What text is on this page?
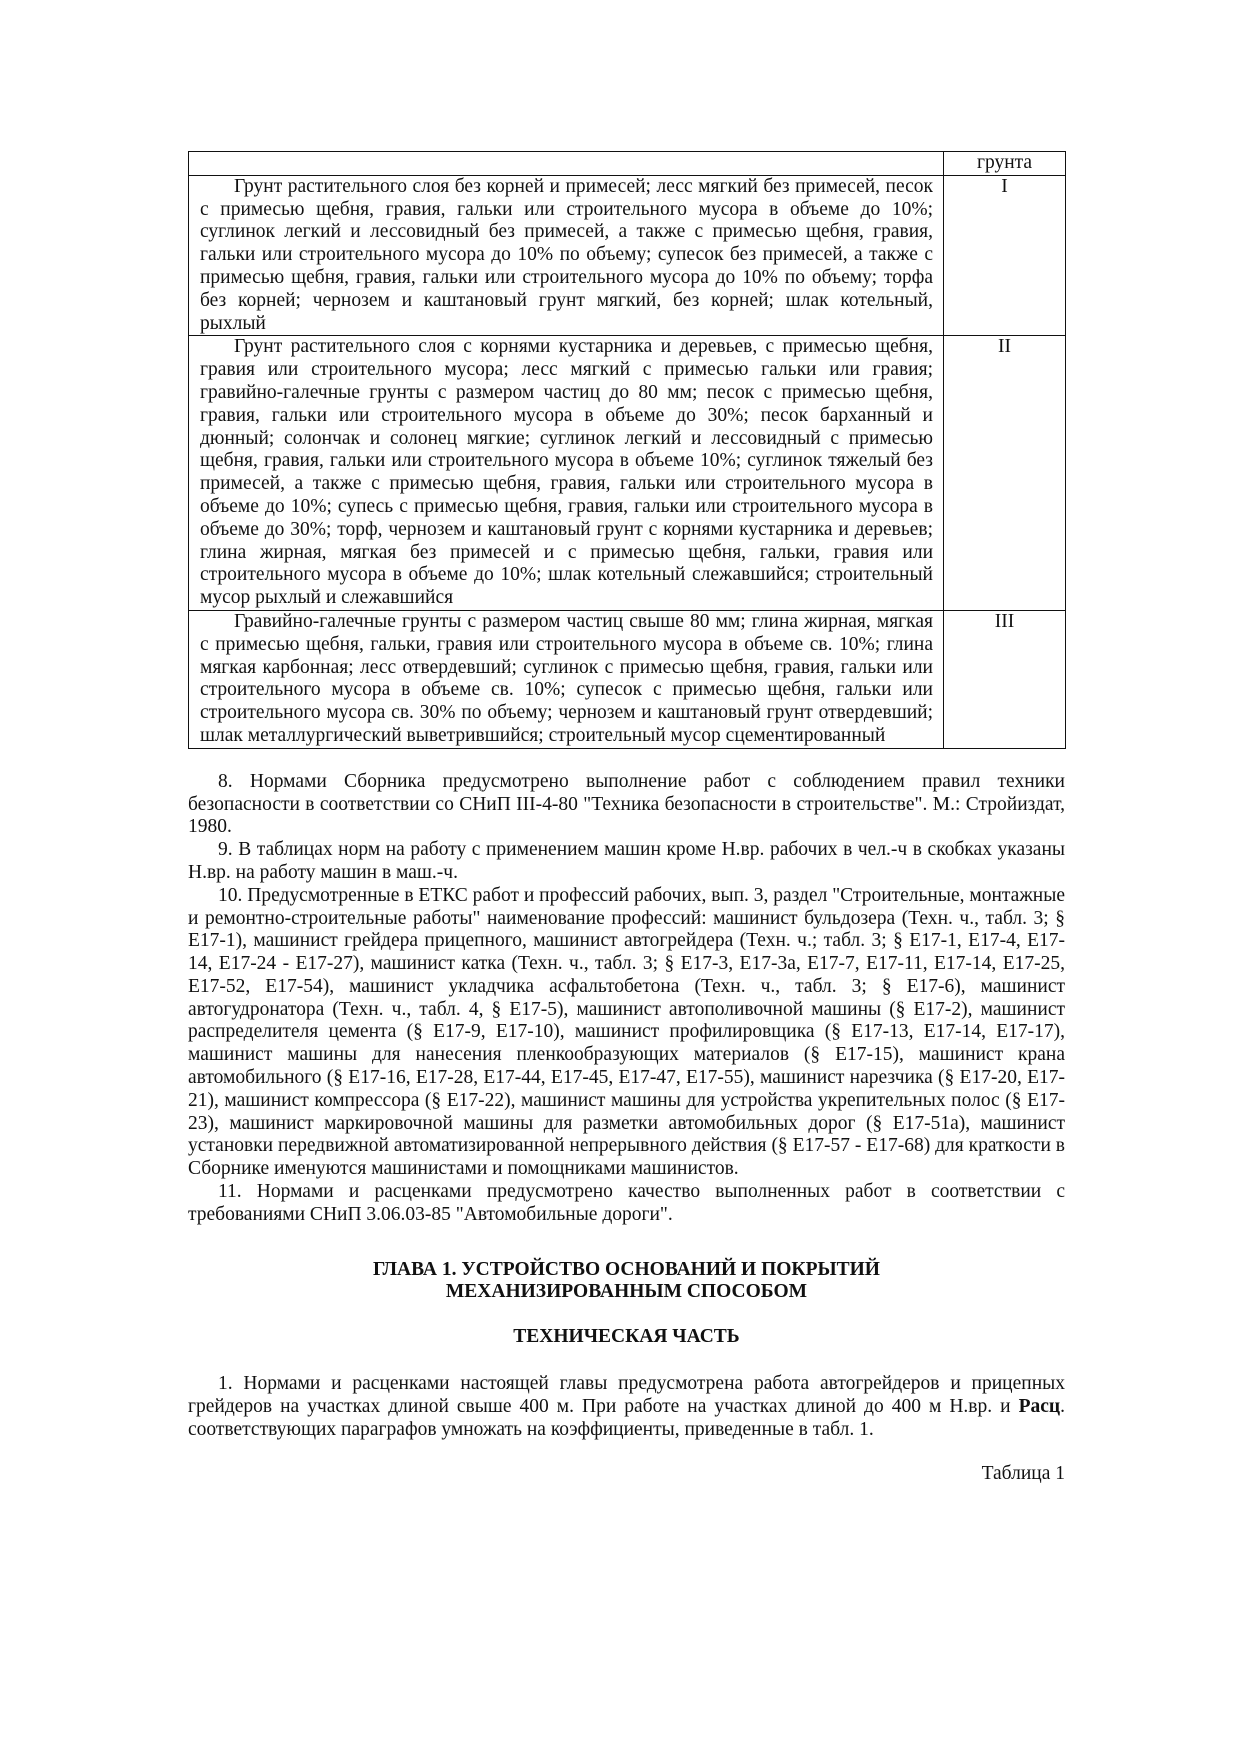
	грунта
Грунт растительного слоя без корней и примесей; лесс мягкий без примесей, песок с примесью щебня, гравия, гальки или строительного мусора в объеме до 10%; суглинок легкий и лессовидный без примесей, а также с примесью щебня, гравия, гальки или строительного мусора до 10% по объему; супесок без примесей, а также с примесью щебня, гравия, гальки или строительного мусора до 10% по объему; торфа без корней; чернозем и каштановый грунт мягкий, без корней; шлак котельный, рыхлый	I
Грунт растительного слоя с корнями кустарника и деревьев, с примесью щебня, гравия или строительного мусора; лесс мягкий с примесью гальки или гравия; гравийно-галечные грунты с размером частиц до 80 мм; песок с примесью щебня, гравия, гальки или строительного мусора в объеме до 30%; песок барханный и дюнный; солончак и солонец мягкие; суглинок легкий и лессовидный с примесью щебня, гравия, гальки или строительного мусора в объеме 10%; суглинок тяжелый без примесей, а также с примесью щебня, гравия, гальки или строительного мусора в объеме до 10%; супесь с примесью щебня, гравия, гальки или строительного мусора в объеме до 30%; торф, чернозем и каштановый грунт с корнями кустарника и деревьев; глина жирная, мягкая без примесей и с примесью щебня, гальки, гравия или строительного мусора в объеме до 10%; шлак котельный слежавшийся; строительный мусор рыхлый и слежавшийся	II
Гравийно-галечные грунты с размером частиц свыше 80 мм; глина жирная, мягкая с примесью щебня, гальки, гравия или строительного мусора в объеме св. 10%; глина мягкая карбонная; лесс отвердевший; суглинок с примесью щебня, гравия, гальки или строительного мусора в объеме св. 10%; супесок с примесью щебня, гальки или строительного мусора св. 30% по объему; чернозем и каштановый грунт отвердевший; шлак металлургический выветрившийся; строительный мусор сцементированный	III

8. Нормами Сборника предусмотрено выполнение работ с соблюдением правил техники безопасности в соответствии со СНиП III-4-80 "Техника безопасности в строительстве". М.: Стройиздат, 1980.

9. В таблицах норм на работу с применением машин кроме Н.вр. рабочих в чел.-ч в скобках указаны Н.вр. на работу машин в маш.-ч.

10. Предусмотренные в ЕТКС работ и профессий рабочих, вып. 3, раздел "Строительные, монтажные и ремонтно-строительные работы" наименование профессий: машинист бульдозера (Техн. ч., табл. 3; § Е17-1), машинист грейдера прицепного, машинист автогрейдера (Техн. ч.; табл. 3; § Е17-1, Е17-4, Е17-14, Е17-24 - Е17-27), машинист катка (Техн. ч., табл. 3; § Е17-3, Е17-3а, Е17-7, Е17-11, Е17-14, Е17-25, Е17-52, Е17-54), машинист укладчика асфальтобетона (Техн. ч., табл. 3; § Е17-6), машинист автогудронатора (Техн. ч., табл. 4, § Е17-5), машинист автополивочной машины (§ Е17-2), машинист распределителя цемента (§ Е17-9, Е17-10), машинист профилировщика (§ Е17-13, Е17-14, Е17-17), машинист машины для нанесения пленкообразующих материалов (§ Е17-15), машинист крана автомобильного (§ Е17-16, Е17-28, Е17-44, Е17-45, Е17-47, Е17-55), машинист нарезчика (§ Е17-20, Е17-21), машинист компрессора (§ Е17-22), машинист машины для устройства укрепительных полос (§ Е17-23), машинист маркировочной машины для разметки автомобильных дорог (§ Е17-51а), машинист установки передвижной автоматизированной непрерывного действия (§ Е17-57 - Е17-68) для краткости в Сборнике именуются машинистами и помощниками машинистов.

11. Нормами и расценками предусмотрено качество выполненных работ в соответствии с требованиями СНиП 3.06.03-85 "Автомобильные дороги".

ГЛАВА 1. УСТРОЙСТВО ОСНОВАНИЙ И ПОКРЫТИЙ
МЕХАНИЗИРОВАННЫМ СПОСОБОМ
ТЕХНИЧЕСКАЯ ЧАСТЬ

1. Нормами и расценками настоящей главы предусмотрена работа автогрейдеров и прицепных грейдеров на участках длиной свыше 400 м. При работе на участках длиной до 400 м Н.вр. и Расц. соответствующих параграфов умножать на коэффициенты, приведенные в табл. 1.

Таблица 1
